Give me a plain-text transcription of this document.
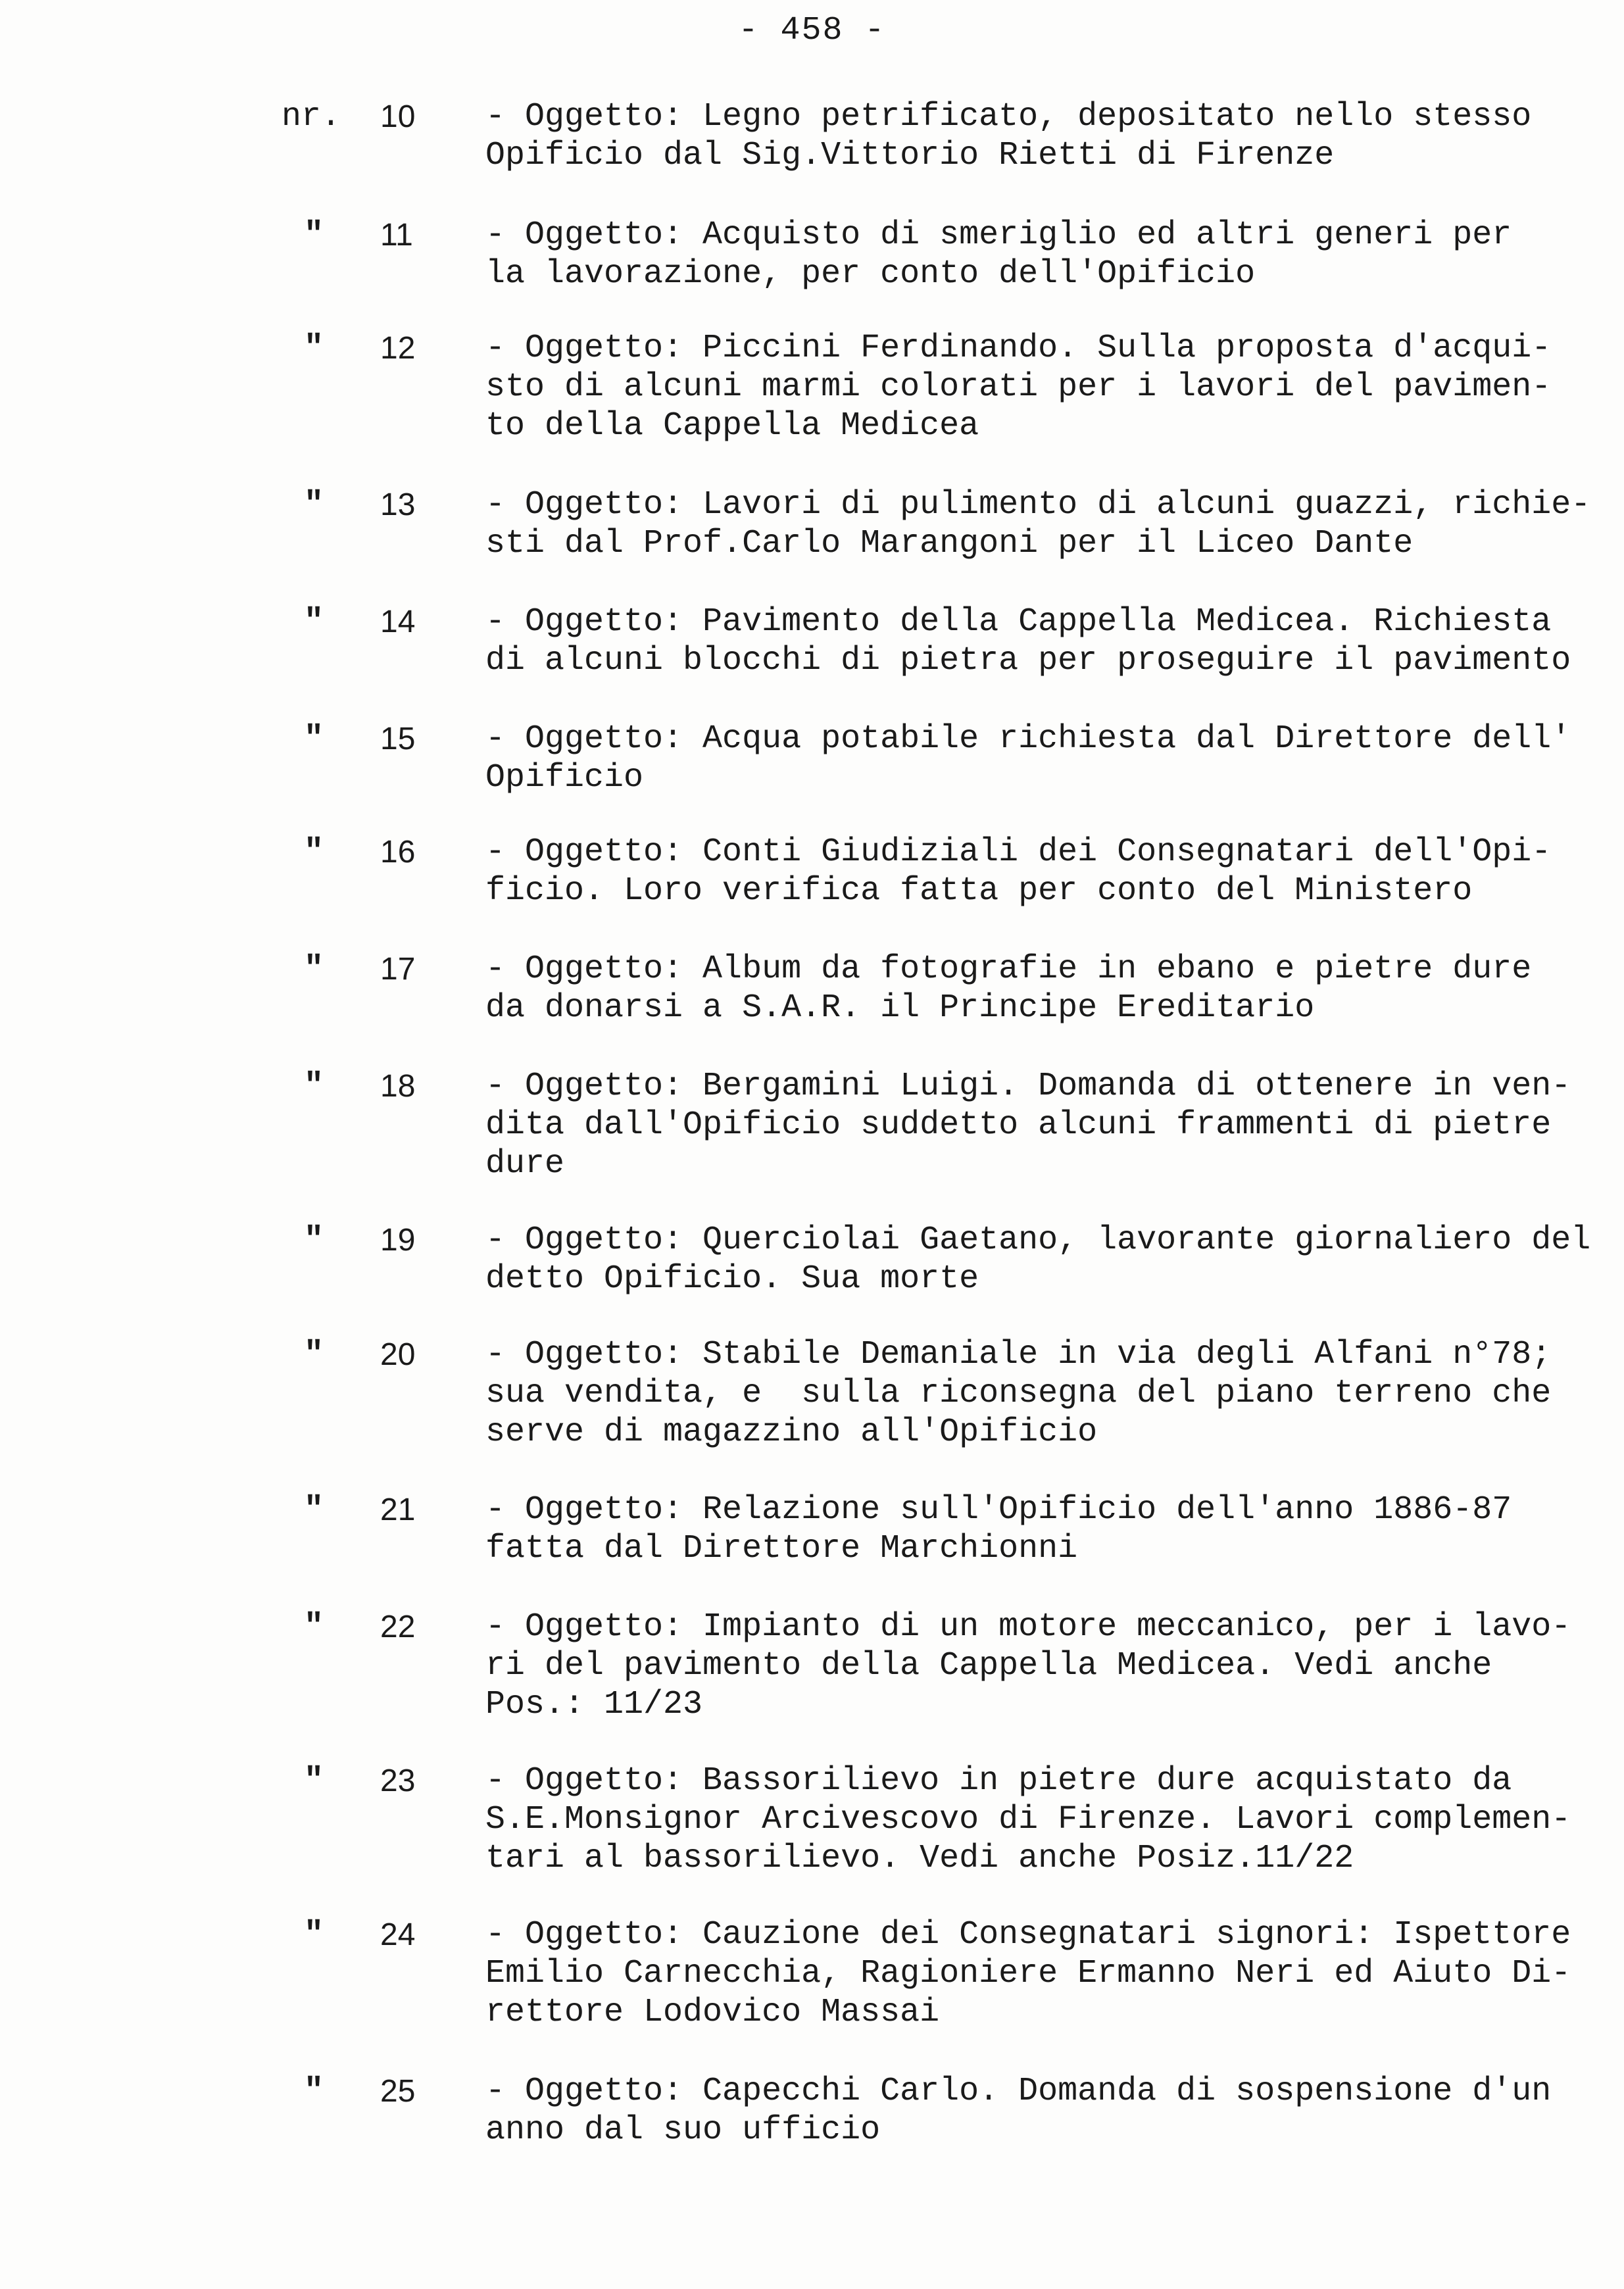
- 458 -
nr.	10 - Oggetto: Legno petrificato, depositato nello stesso
Opificio dal Sig.Vittorio Rietti di Firenze
" 11 - Oggetto: Acquisto di smeriglio ed altri generi per
la lavorazione, per conto dell'Opificio
" 12 - Oggetto: Piccini Ferdinando. Sulla proposta d'acqui-
sto di alcuni marmi colorati per i lavori del pavimen-
to della Cappella Medicea
" 13 - Oggetto: Lavori di pulimento di alcuni guazzi, richie-
sti dal Prof.Carlo Marangoni per il Liceo Dante
" 14 - Oggetto: Pavimento della Cappella Medicea. Richiesta
di alcuni blocchi di pietra per proseguire il pavimento
" 15 - Oggetto: Acqua potabile richiesta dal Direttore dell'
Opificio
" 16 - Oggetto: Conti Giudiziali dei Consegnatari dell'Opi-
ficio. Loro verifica fatta per conto del Ministero
" 17 - Oggetto: Album da fotografie in ebano e pietre dure
da donarsi a S.A.R. il Principe Ereditario
" 18 - Oggetto: Bergamini Luigi. Domanda di ottenere in ven-
dita dall'Opificio suddetto alcuni frammenti di pietre
dure
" 19 - Oggetto: Querciolai Gaetano, lavorante giornaliero del
detto Opificio. Sua morte
" 20 - Oggetto: Stabile Demaniale in via degli Alfani n°78;
sua vendita, e  sulla riconsegna del piano terreno che
serve di magazzino all'Opificio
" 21 - Oggetto: Relazione sull'Opificio dell'anno 1886-87
fatta dal Direttore Marchionni
" 22 - Oggetto: Impianto di un motore meccanico, per i lavo-
ri del pavimento della Cappella Medicea. Vedi anche
Pos.: 11/23
" 23 - Oggetto: Bassorilievo in pietre dure acquistato da
S.E.Monsignor Arcivescovo di Firenze. Lavori complemen-
tari al bassorilievo. Vedi anche Posiz.11/22
" 24 - Oggetto: Cauzione dei Consegnatari signori: Ispettore
Emilio Carnecchia, Ragioniere Ermanno Neri ed Aiuto Di-
rettore Lodovico Massai
" 25 - Oggetto: Capecchi Carlo. Domanda di sospensione d'un
anno dal suo ufficio
